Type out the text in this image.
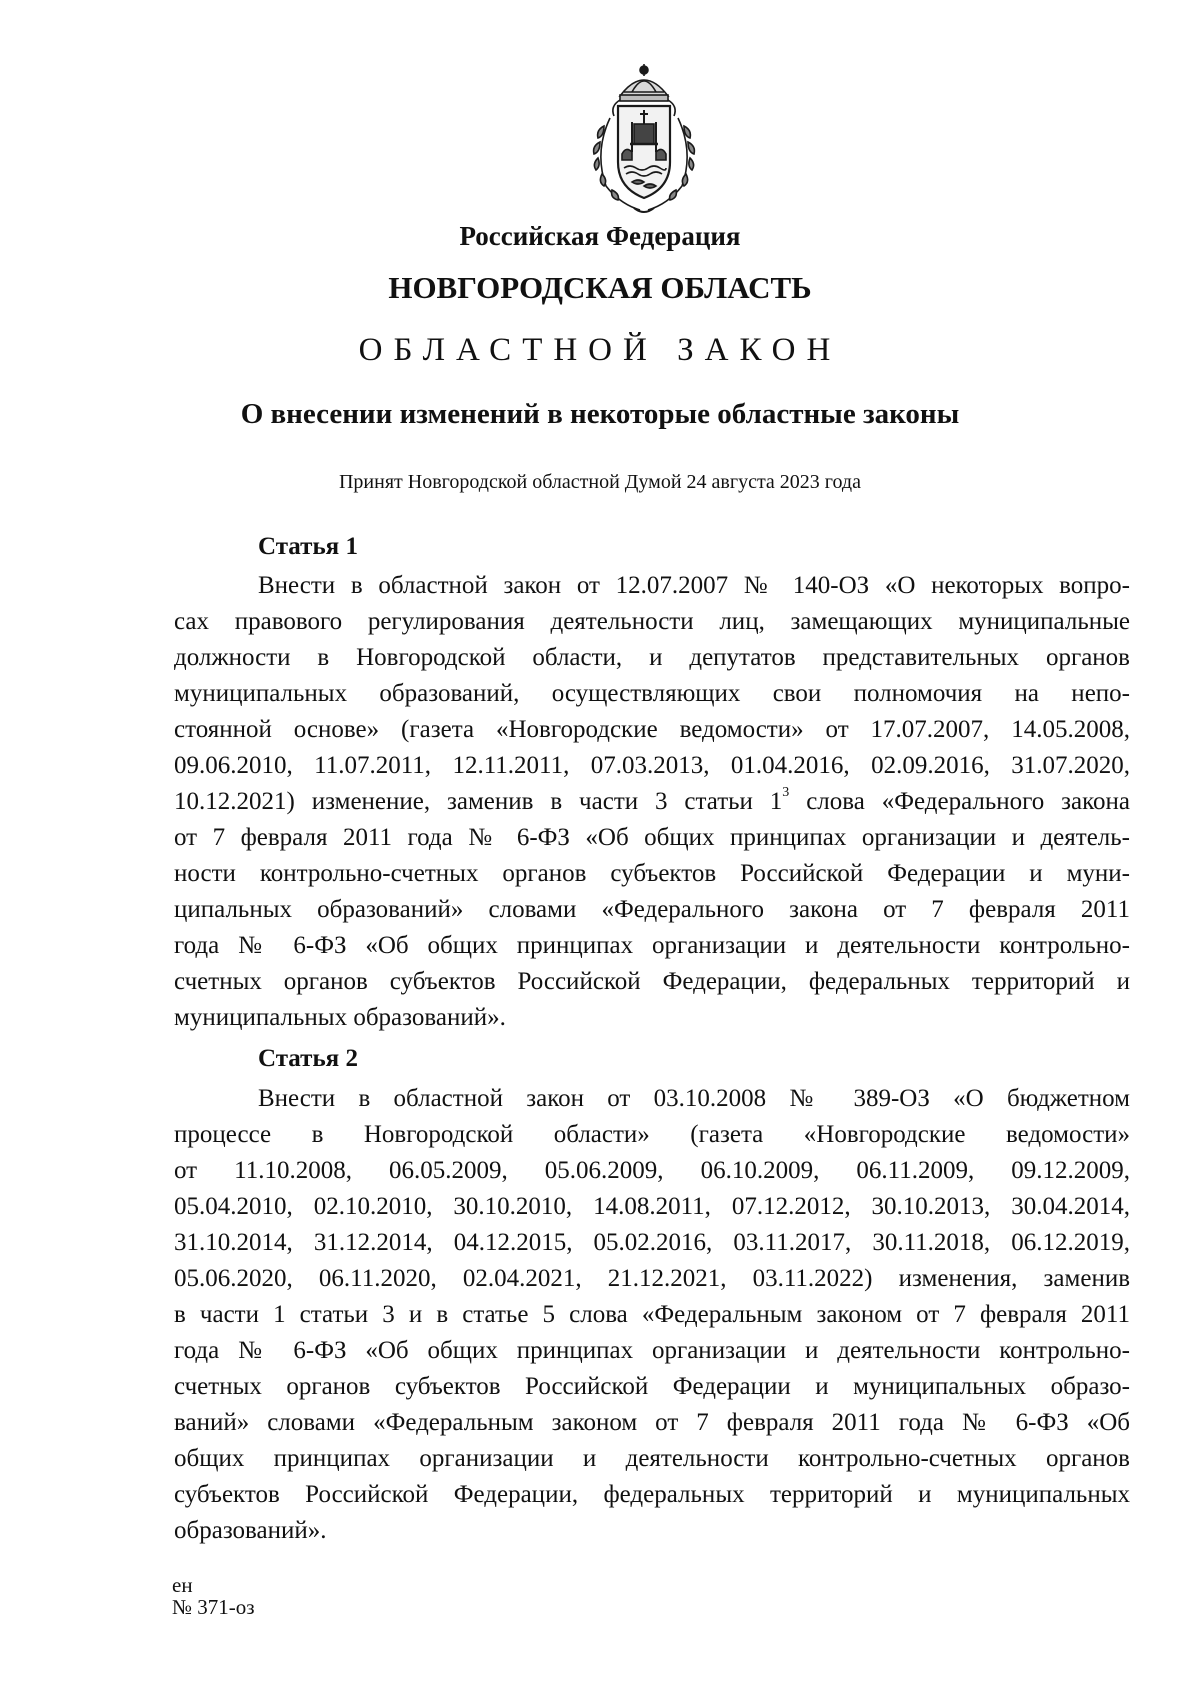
Российская Федерация
НОВГОРОДСКАЯ ОБЛАСТЬ
ОБЛАСТНОЙ ЗАКОН
О внесении изменений в некоторые областные законы
Принят Новгородской областной Думой 24 августа 2023 года
Статья 1
Внести в областной закон от 12.07.2007 № 140-ОЗ «О некоторых вопро-
сах правового регулирования деятельности лиц, замещающих муниципальные
должности в Новгородской области, и депутатов представительных органов
муниципальных образований, осуществляющих свои полномочия на непо-
стоянной основе» (газета «Новгородские ведомости» от 17.07.2007, 14.05.2008,
09.06.2010, 11.07.2011, 12.11.2011, 07.03.2013, 01.04.2016, 02.09.2016, 31.07.2020,
10.12.2021) изменение, заменив в части 3 статьи $1^3$ слова «Федерального закона
от 7 февраля 2011 года № 6-ФЗ «Об общих принципах организации и деятель-
ности контрольно-счетных органов субъектов Российской Федерации и муни-
ципальных образований» словами «Федерального закона от 7 февраля 2011
года № 6-ФЗ «Об общих принципах организации и деятельности контрольно-
счетных органов субъектов Российской Федерации, федеральных территорий и
муниципальных образований».
Статья 2
Внести в областной закон от 03.10.2008 № 389-ОЗ «О бюджетном
процессе в Новгородской области» (газета «Новгородские ведомости»
от 11.10.2008, 06.05.2009, 05.06.2009, 06.10.2009, 06.11.2009, 09.12.2009,
05.04.2010, 02.10.2010, 30.10.2010, 14.08.2011, 07.12.2012, 30.10.2013, 30.04.2014,
31.10.2014, 31.12.2014, 04.12.2015, 05.02.2016, 03.11.2017, 30.11.2018, 06.12.2019,
05.06.2020, 06.11.2020, 02.04.2021, 21.12.2021, 03.11.2022) изменения, заменив
в части 1 статьи 3 и в статье 5 слова «Федеральным законом от 7 февраля 2011
года № 6-ФЗ «Об общих принципах организации и деятельности контрольно-
счетных органов субъектов Российской Федерации и муниципальных образо-
ваний» словами «Федеральным законом от 7 февраля 2011 года № 6-ФЗ «Об
общих принципах организации и деятельности контрольно-счетных органов
субъектов Российской Федерации, федеральных территорий и муниципальных
образований».
ен
№ 371-оз
